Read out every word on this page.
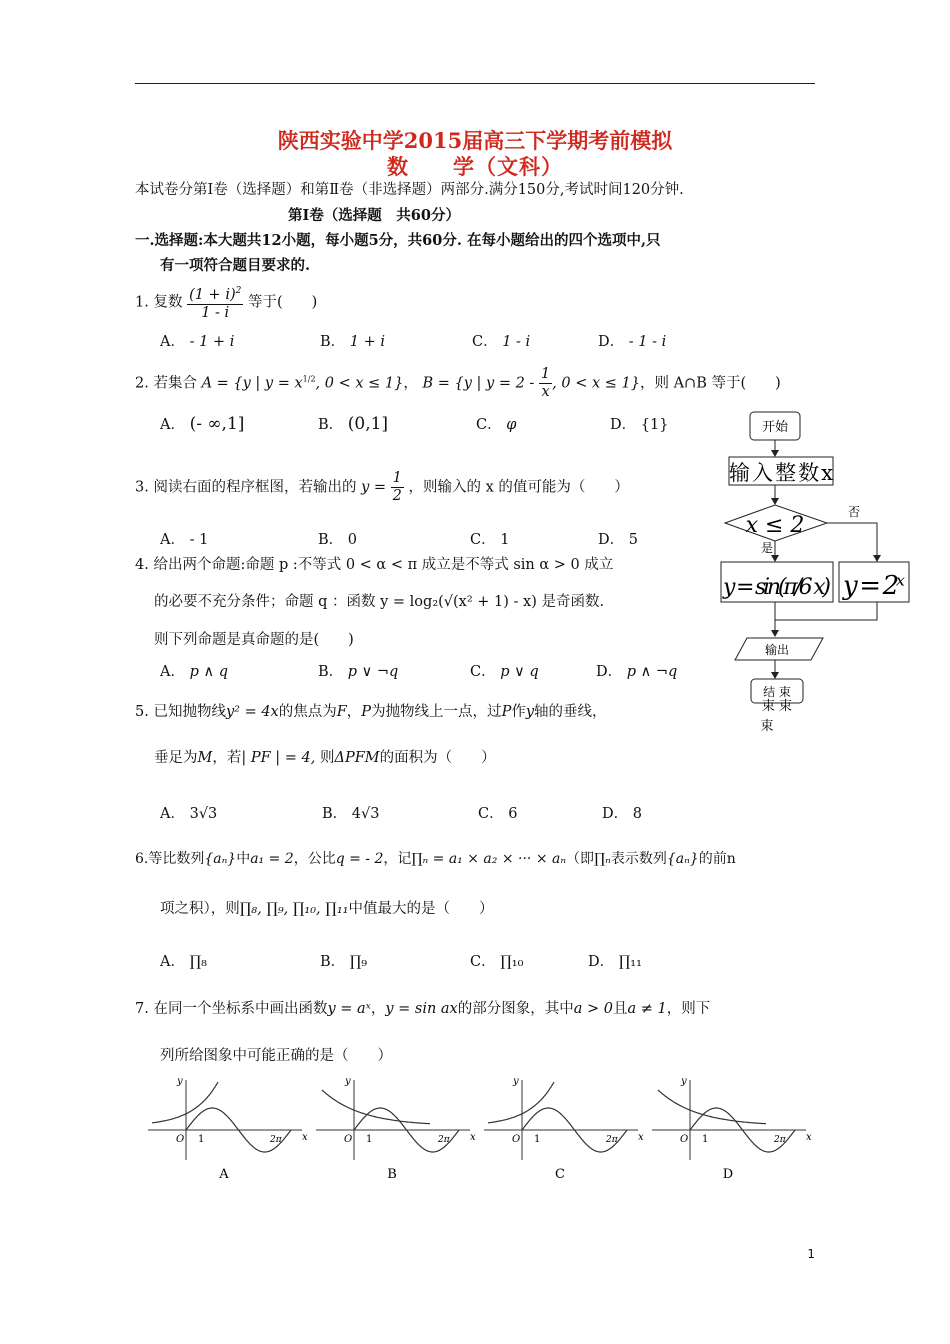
陕西实验中学2015届高三下学期考前模拟
数　　学（文科）
本试卷分第Ⅰ卷（选择题）和第Ⅱ卷（非选择题）两部分.满分150分,考试时间120分钟.
第Ⅰ卷（选择题　共60分）
一.选择题:本大题共12小题，每小题5分，共60分. 在每小题给出的四个选项中,只
有一项符合题目要求的.
1. 复数 $\frac{(1 + i)^2}{1 - i}$ 等于(　　)
A． - 1 + i	B． 1 + i	C． 1 - i	D． - 1 - i
2. 若集合 A = {y | $y = x^{1/2}$, 0 < x ≤ 1}， B = {y | $y = 2 - \frac{1}{x}$ , 0 < x ≤ 1}，则 A∩B 等于(　　)
A． (- ∞,1]	B． (0,1]	C． φ	D． {1}
3. 阅读右面的程序框图，若输出的 $y = \frac{1}{2}$ ，则输入的 x 的值可能为（　　）
A． - 1	B． 0	C． 1	D． 5
4. 给出两个命题:命题 p :不等式 0 < α < π 成立是不等式 sin α > 0 成立
的必要不充分条件；命题 q ：函数 y = log₂(√(x² + 1) - x) 是奇函数.
则下列命题是真命题的是(　　)
A． p ∧ q	B． p ∨ ¬q	C． p ∨ q	D． p ∧ ¬q
5. 已知抛物线y² = 4x的焦点为F，P为抛物线上一点，过P作y轴的垂线，
垂足为M，若| PF | = 4, 则ΔPFM的面积为（　　）
A． 3√3	B． 4√3	C． 6	D． 8
6.等比数列{aₙ}中a₁ = 2，公比q = - 2，记∏ₙ = a₁ × a₂ × ··· × aₙ（即∏ₙ表示数列{aₙ}的前n
项之积），则∏₈, ∏₉, ∏₁₀, ∏₁₁中值最大的是（　　）
A． ∏₈	B． ∏₉	C． ∏₁₀	D． ∏₁₁
7. 在同一个坐标系中画出函数y = aˣ，y = sin ax的部分图象，其中a > 0且a ≠ 1，则下
列所给图象中可能正确的是（　　）
y
x
O 1	2π
A
y
x
O 1	2π
B
y
x
O 1	2π
C
y
x
O 1	2π
D
开始
输入整数x
x ≤ 2
否
是
y = sin(π/6 x) y = 2ˣ
输出
结 束
束 束
束
1
